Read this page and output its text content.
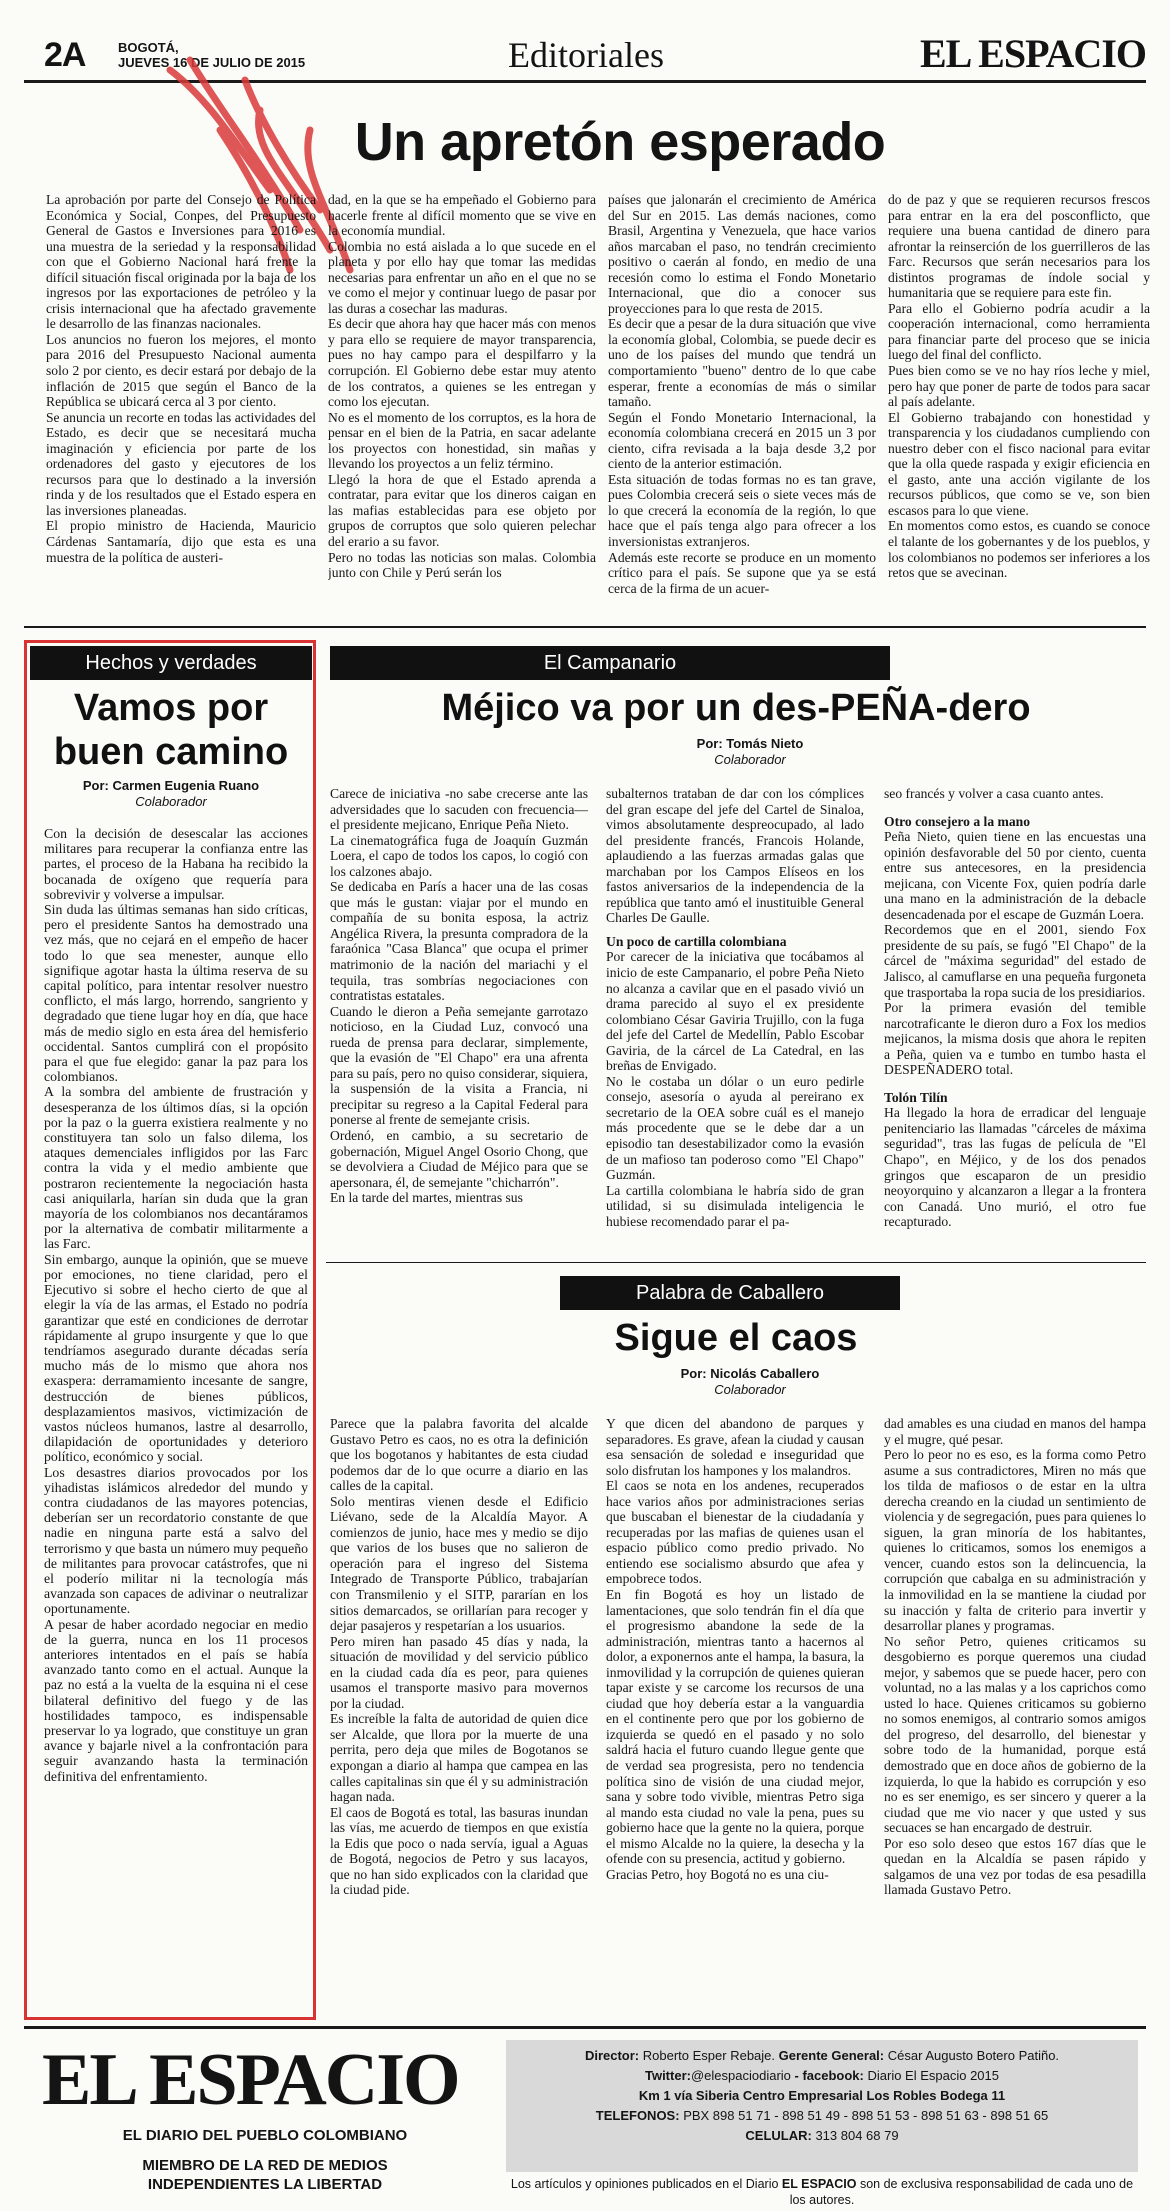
2A	BOGOTÁ,
JUEVES 16 DE JULIO DE 2015	Editoriales	EL ESPACIO
Un apretón esperado
La aprobación por parte del Consejo de Política Económica y Social, Conpes, del Presupuesto General de Gastos e Inversiones para 2016 es una muestra de la seriedad y la responsabilidad con que el Gobierno Nacional hará frente la difícil situación fiscal originada por la baja de los ingresos por las exportaciones de petróleo y la crisis internacional que ha afectado gravemente le desarrollo de las finanzas nacionales.
Los anuncios no fueron los mejores, el monto para 2016 del Presupuesto Nacional aumenta solo 2 por ciento, es decir estará por debajo de la inflación de 2015 que según el Banco de la República se ubicará cerca al 3 por ciento.
Se anuncia un recorte en todas las actividades del Estado, es decir que se necesitará mucha imaginación y eficiencia por parte de los ordenadores del gasto y ejecutores de los recursos para que lo destinado a la inversión rinda y de los resultados que el Estado espera en las inversiones planeadas.
El propio ministro de Hacienda, Mauricio Cárdenas Santamaría, dijo que esta es una muestra de la política de austeri-
dad, en la que se ha empeñado el Gobierno para hacerle frente al difícil momento que se vive en la economía mundial.
Colombia no está aislada a lo que sucede en el planeta y por ello hay que tomar las medidas necesarias para enfrentar un año en el que no se ve como el mejor y continuar luego de pasar por las duras a cosechar las maduras.
Es decir que ahora hay que hacer más con menos y para ello se requiere de mayor transparencia, pues no hay campo para el despilfarro y la corrupción. El Gobierno debe estar muy atento de los contratos, a quienes se les entregan y como los ejecutan.
No es el momento de los corruptos, es la hora de pensar en el bien de la Patria, en sacar adelante los proyectos con honestidad, sin mañas y llevando los proyectos a un feliz término.
Llegó la hora de que el Estado aprenda a contratar, para evitar que los dineros caigan en las mafias establecidas para ese objeto por grupos de corruptos que solo quieren pelechar del erario a su favor.
Pero no todas las noticias son malas. Colombia junto con Chile y Perú serán los
países que jalonarán el crecimiento de América del Sur en 2015. Las demás naciones, como Brasil, Argentina y Venezuela, que hace varios años marcaban el paso, no tendrán crecimiento positivo o caerán al fondo, en medio de una recesión como lo estima el Fondo Monetario Internacional, que dio a conocer sus proyecciones para lo que resta de 2015.
Es decir que a pesar de la dura situación que vive la economía global, Colombia, se puede decir es uno de los países del mundo que tendrá un comportamiento "bueno" dentro de lo que cabe esperar, frente a economías de más o similar tamaño.
Según el Fondo Monetario Internacional, la economía colombiana crecerá en 2015 un 3 por ciento, cifra revisada a la baja desde 3,2 por ciento de la anterior estimación.
Esta situación de todas formas no es tan grave, pues Colombia crecerá seis o siete veces más de lo que crecerá la economía de la región, lo que hace que el país tenga algo para ofrecer a los inversionistas extranjeros.
Además este recorte se produce en un momento crítico para el país. Se supone que ya se está cerca de la firma de un acuer-
do de paz y que se requieren recursos frescos para entrar en la era del posconflicto, que requiere una buena cantidad de dinero para afrontar la reinserción de los guerrilleros de las Farc. Recursos que serán necesarios para los distintos programas de índole social y humanitaria que se requiere para este fin.
Para ello el Gobierno podría acudir a la cooperación internacional, como herramienta para financiar parte del proceso que se inicia luego del final del conflicto.
Pues bien como se ve no hay ríos leche y miel, pero hay que poner de parte de todos para sacar al país adelante.
El Gobierno trabajando con honestidad y transparencia y los ciudadanos cumpliendo con nuestro deber con el fisco nacional para evitar que la olla quede raspada y exigir eficiencia en el gasto, ante una acción vigilante de los recursos públicos, que como se ve, son bien escasos para lo que viene.
En momentos como estos, es cuando se conoce el talante de los gobernantes y de los pueblos, y los colombianos no podemos ser inferiores a los retos que se avecinan.
Hechos y verdades
Vamos por
buen camino
Por: Carmen Eugenia Ruano
Colaborador
Con la decisión de desescalar las acciones militares para recuperar la confianza entre las partes, el proceso de la Habana ha recibido la bocanada de oxígeno que requería para sobrevivir y volverse a impulsar.
Sin duda las últimas semanas han sido críticas, pero el presidente Santos ha demostrado una vez más, que no cejará en el empeño de hacer todo lo que sea menester, aunque ello signifique agotar hasta la última reserva de su capital político, para intentar resolver nuestro conflicto, el más largo, horrendo, sangriento y degradado que tiene lugar hoy en día, que hace más de medio siglo en esta área del hemisferio occidental. Santos cumplirá con el propósito para el que fue elegido: ganar la paz para los colombianos.
A la sombra del ambiente de frustración y desesperanza de los últimos días, si la opción por la paz o la guerra existiera realmente y no constituyera tan solo un falso dilema, los ataques demenciales infligidos por las Farc contra la vida y el medio ambiente que postraron recientemente la negociación hasta casi aniquilarla, harían sin duda que la gran mayoría de los colombianos nos decantáramos por la alternativa de combatir militarmente a las Farc.
Sin embargo, aunque la opinión, que se mueve por emociones, no tiene claridad, pero el Ejecutivo si sobre el hecho cierto de que al elegir la vía de las armas, el Estado no podría garantizar que esté en condiciones de derrotar rápidamente al grupo insurgente y que lo que tendríamos asegurado durante décadas sería mucho más de lo mismo que ahora nos exaspera: derramamiento incesante de sangre, destrucción de bienes públicos, desplazamientos masivos, victimización de vastos núcleos humanos, lastre al desarrollo, dilapidación de oportunidades y deterioro político, económico y social.
Los desastres diarios provocados por los yihadistas islámicos alrededor del mundo y contra ciudadanos de las mayores potencias, deberían ser un recordatorio constante de que nadie en ninguna parte está a salvo del terrorismo y que basta un número muy pequeño de militantes para provocar catástrofes, que ni el poderío militar ni la tecnología más avanzada son capaces de adivinar o neutralizar oportunamente.
A pesar de haber acordado negociar en medio de la guerra, nunca en los 11 procesos anteriores intentados en el país se había avanzado tanto como en el actual. Aunque la paz no está a la vuelta de la esquina ni el cese bilateral definitivo del fuego y de las hostilidades tampoco, es indispensable preservar lo ya logrado, que constituye un gran avance y bajarle nivel a la confrontación para seguir avanzando hasta la terminación definitiva del enfrentamiento.
El Campanario
Méjico va por un des-PEÑA-dero
Por: Tomás Nieto
Colaborador
Carece de iniciativa -no sabe crecerse ante las adversidades que lo sacuden con frecuencia—el presidente mejicano, Enrique Peña Nieto.
La cinematográfica fuga de Joaquín Guzmán Loera, el capo de todos los capos, lo cogió con los calzones abajo.
Se dedicaba en París a hacer una de las cosas que más le gustan: viajar por el mundo en compañía de su bonita esposa, la actriz Angélica Rivera, la presunta compradora de la faraónica "Casa Blanca" que ocupa el primer matrimonio de la nación del mariachi y el tequila, tras sombrías negociaciones con contratistas estatales.
Cuando le dieron a Peña semejante garrotazo noticioso, en la Ciudad Luz, convocó una rueda de prensa para declarar, simplemente, que la evasión de "El Chapo" era una afrenta para su país, pero no quiso considerar, siquiera, la suspensión de la visita a Francia, ni precipitar su regreso a la Capital Federal para ponerse al frente de semejante crisis.
Ordenó, en cambio, a su secretario de gobernación, Miguel Angel Osorio Chong, que se devolviera a Ciudad de Méjico para que se apersonara, él, de semejante "chicharrón".
En la tarde del martes, mientras sus
subalternos trataban de dar con los cómplices del gran escape del jefe del Cartel de Sinaloa, vimos absolutamente despreocupado, al lado del presidente francés, Francois Holande, aplaudiendo a las fuerzas armadas galas que marchaban por los Campos Elíseos en los fastos aniversarios de la independencia de la república que tanto amó el inustituible General Charles De Gaulle.
Un poco de cartilla colombiana
Por carecer de la iniciativa que tocábamos al inicio de este Campanario, el pobre Peña Nieto no alcanza a cavilar que en el pasado vivió un drama parecido al suyo el ex presidente colombiano César Gaviria Trujillo, con la fuga del jefe del Cartel de Medellín, Pablo Escobar Gaviria, de la cárcel de La Catedral, en las breñas de Envigado.
No le costaba un dólar o un euro pedirle consejo, asesoría o ayuda al pereirano ex secretario de la OEA sobre cuál es el manejo más procedente que se le debe dar a un episodio tan desestabilizador como la evasión de un mafioso tan poderoso como "El Chapo" Guzmán.
La cartilla colombiana le habría sido de gran utilidad, si su disimulada inteligencia le hubiese recomendado parar el pa-
seo francés y volver a casa cuanto antes.
Otro consejero a la mano
Peña Nieto, quien tiene en las encuestas una opinión desfavorable del 50 por ciento, cuenta entre sus antecesores, en la presidencia mejicana, con Vicente Fox, quien podría darle una mano en la administración de la debacle desencadenada por el escape de Guzmán Loera.
Recordemos que en el 2001, siendo Fox presidente de su país, se fugó "El Chapo" de la cárcel de "máxima seguridad" del estado de Jalisco, al camuflarse en una pequeña furgoneta que trasportaba la ropa sucia de los presidiarios.
Por la primera evasión del temible narcotraficante le dieron duro a Fox los medios mejicanos, la misma dosis que ahora le repiten a Peña, quien va e tumbo en tumbo hasta el DESPEÑADERO total.
Tolón Tilín
Ha llegado la hora de erradicar del lenguaje penitenciario las llamadas "cárceles de máxima seguridad", tras las fugas de película de "El Chapo", en Méjico, y de los dos penados gringos que escaparon de un presidio neoyorquino y alcanzaron a llegar a la frontera con Canadá. Uno murió, el otro fue recapturado.
Palabra de Caballero
Sigue el caos
Por: Nicolás Caballero
Colaborador
Parece que la palabra favorita del alcalde Gustavo Petro es caos, no es otra la definición que los bogotanos y habitantes de esta ciudad podemos dar de lo que ocurre a diario en las calles de la capital.
Solo mentiras vienen desde el Edificio Liévano, sede de la Alcaldía Mayor. A comienzos de junio, hace mes y medio se dijo que varios de los buses que no salieron de operación para el ingreso del Sistema Integrado de Transporte Público, trabajarían con Transmilenio y el SITP, pararían en los sitios demarcados, se orillarían para recoger y dejar pasajeros y respetarían a los usuarios.
Pero miren han pasado 45 días y nada, la situación de movilidad y del servicio público en la ciudad cada día es peor, para quienes usamos el transporte masivo para movernos por la ciudad.
Es increíble la falta de autoridad de quien dice ser Alcalde, que llora por la muerte de una perrita, pero deja que miles de Bogotanos se expongan a diario al hampa que campea en las calles capitalinas sin que él y su administración hagan nada.
El caos de Bogotá es total, las basuras inundan las vías, me acuerdo de tiempos en que existía la Edis que poco o nada servía, igual a Aguas de Bogotá, negocios de Petro y sus lacayos, que no han sido explicados con la claridad que la ciudad pide.
Y que dicen del abandono de parques y separadores. Es grave, afean la ciudad y causan esa sensación de soledad e inseguridad que solo disfrutan los hampones y los malandros.
El caos se nota en los andenes, recuperados hace varios años por administraciones serias que buscaban el bienestar de la ciudadanía y recuperadas por las mafias de quienes usan el espacio público como predio privado. No entiendo ese socialismo absurdo que afea y empobrece todos.
En fin Bogotá es hoy un listado de lamentaciones, que solo tendrán fin el día que el progresismo abandone la sede de la administración, mientras tanto a hacernos al dolor, a exponernos ante el hampa, la basura, la inmovilidad y la corrupción de quienes quieran tapar existe y se carcome los recursos de una ciudad que hoy debería estar a la vanguardia en el continente pero que por los gobierno de izquierda se quedó en el pasado y no solo saldrá hacia el futuro cuando llegue gente que de verdad sea progresista, pero no tendencia política sino de visión de una ciudad mejor, sana y sobre todo vivible, mientras Petro siga al mando esta ciudad no vale la pena, pues su gobierno hace que la gente no la quiera, porque el mismo Alcalde no la quiere, la desecha y la ofende con su presencia, actitud y gobierno.
Gracias Petro, hoy Bogotá no es una ciu-
dad amables es una ciudad en manos del hampa y el mugre, qué pesar.
Pero lo peor no es eso, es la forma como Petro asume a sus contradictores, Miren no más que los tilda de mafiosos o de estar en la ultra derecha creando en la ciudad un sentimiento de violencia y de segregación, pues para quienes lo siguen, la gran minoría de los habitantes, quienes lo criticamos, somos los enemigos a vencer, cuando estos son la delincuencia, la corrupción que cabalga en su administración y la inmovilidad en la se mantiene la ciudad por su inacción y falta de criterio para invertir y desarrollar planes y programas.
No señor Petro, quienes criticamos su desgobierno es porque queremos una ciudad mejor, y sabemos que se puede hacer, pero con voluntad, no a las malas y a los caprichos como usted lo hace. Quienes criticamos su gobierno no somos enemigos, al contrario somos amigos del progreso, del desarrollo, del bienestar y sobre todo de la humanidad, porque está demostrado que en doce años de gobierno de la izquierda, lo que la habido es corrupción y eso no es ser enemigo, es ser sincero y querer a la ciudad que me vio nacer y que usted y sus secuaces se han encargado de destruir.
Por eso solo deseo que estos 167 días que le quedan en la Alcaldía se pasen rápido y salgamos de una vez por todas de esa pesadilla llamada Gustavo Petro.
EL ESPACIO
EL DIARIO DEL PUEBLO COLOMBIANO
MIEMBRO DE LA RED DE MEDIOS
INDEPENDIENTES LA LIBERTAD
Director: Roberto Esper Rebaje. Gerente General: César Augusto Botero Patiño.
Twitter:@elespaciodiario - facebook: Diario El Espacio 2015
Km 1 vía Siberia Centro Empresarial Los Robles Bodega 11
TELEFONOS: PBX 898 51 71 - 898 51 49 - 898 51 53 - 898 51 63 - 898 51 65
CELULAR: 313 804 68 79
Los artículos y opiniones publicados en el Diario EL ESPACIO son de exclusiva responsabilidad de cada uno de los autores.
